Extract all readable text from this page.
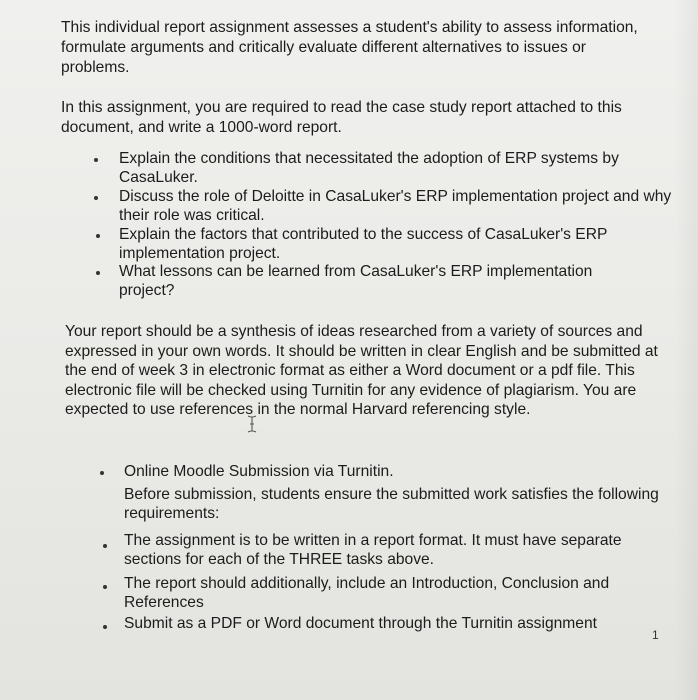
This individual report assignment assesses a student's ability to assess information, formulate arguments and critically evaluate different alternatives to issues or problems.

In this assignment, you are required to read the case study report attached to this document, and write a 1000-word report.

Explain the conditions that necessitated the adoption of ERP systems by CasaLuker.
Discuss the role of Deloitte in CasaLuker's ERP implementation project and why their role was critical.
Explain the factors that contributed to the success of CasaLuker's ERP implementation project.
What lessons can be learned from CasaLuker's ERP implementation project?

Your report should be a synthesis of ideas researched from a variety of sources and expressed in your own words. It should be written in clear English and be submitted at the end of week 3 in electronic format as either a Word document or a pdf file. This electronic file will be checked using Turnitin for any evidence of plagiarism. You are expected to use references in the normal Harvard referencing style.

Online Moodle Submission via Turnitin.
Before submission, students ensure the submitted work satisfies the following requirements:
The assignment is to be written in a report format. It must have separate sections for each of the THREE tasks above.
The report should additionally, include an Introduction, Conclusion and References
Submit as a PDF or Word document through the Turnitin assignment
1
